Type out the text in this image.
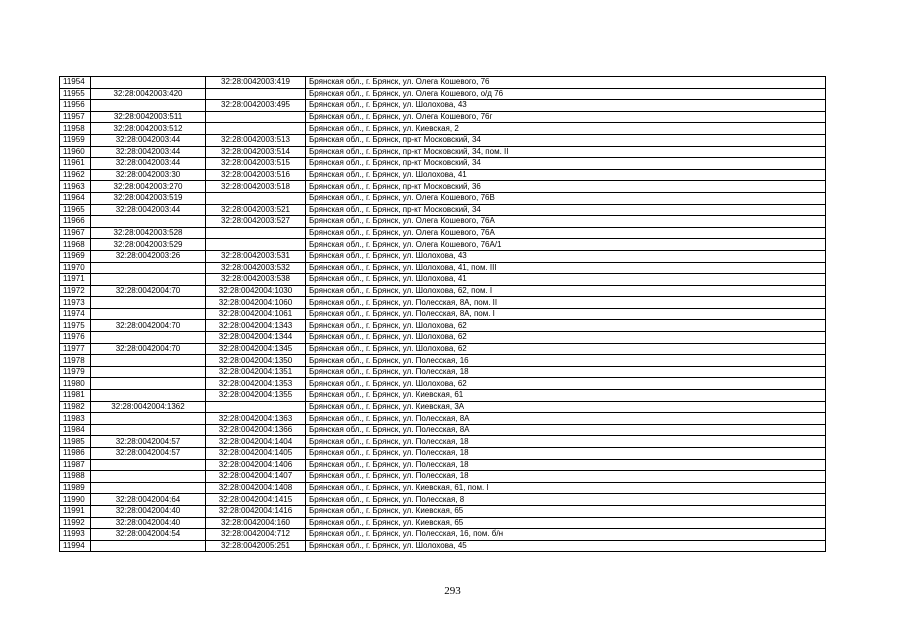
11954		32:28:0042003:419	Брянская обл., г. Брянск, ул. Олега Кошевого, 76
11955	32:28:0042003:420		Брянская обл., г. Брянск, ул. Олега Кошевого, о/д 76
11956		32:28:0042003:495	Брянская обл., г. Брянск, ул. Шолохова, 43
11957	32:28:0042003:511		Брянская обл., г. Брянск, ул. Олега Кошевого, 76г
11958	32:28:0042003:512		Брянская обл., г. Брянск, ул. Киевская, 2
11959	32:28:0042003:44	32:28:0042003:513	Брянская обл., г. Брянск, пр-кт Московский, 34
11960	32:28:0042003:44	32:28:0042003:514	Брянская обл., г. Брянск, пр-кт Московский, 34, пом. II
11961	32:28:0042003:44	32:28:0042003:515	Брянская обл., г. Брянск, пр-кт Московский, 34
11962	32:28:0042003:30	32:28:0042003:516	Брянская обл., г. Брянск, ул. Шолохова, 41
11963	32:28:0042003:270	32:28:0042003:518	Брянская обл., г. Брянск, пр-кт Московский, 36
11964	32:28:0042003:519		Брянская обл., г. Брянск, ул. Олега Кошевого, 76В
11965	32:28:0042003:44	32:28:0042003:521	Брянская обл., г. Брянск, пр-кт Московский, 34
11966		32:28:0042003:527	Брянская обл., г. Брянск, ул. Олега Кошевого, 76А
11967	32:28:0042003:528		Брянская обл., г. Брянск, ул. Олега Кошевого, 76А
11968	32:28:0042003:529		Брянская обл., г. Брянск, ул. Олега Кошевого, 76А/1
11969	32:28:0042003:26	32:28:0042003:531	Брянская обл., г. Брянск, ул. Шолохова, 43
11970		32:28:0042003:532	Брянская обл., г. Брянск, ул. Шолохова, 41, пом. III
11971		32:28:0042003:538	Брянская обл., г. Брянск, ул. Шолохова, 41
11972	32:28:0042004:70	32:28:0042004:1030	Брянская обл., г. Брянск, ул. Шолохова, 62, пом. I
11973		32:28:0042004:1060	Брянская обл., г. Брянск, ул. Полесская, 8А, пом. II
11974		32:28:0042004:1061	Брянская обл., г. Брянск, ул. Полесская, 8А, пом. I
11975	32:28:0042004:70	32:28:0042004:1343	Брянская обл., г. Брянск, ул. Шолохова, 62
11976		32:28:0042004:1344	Брянская обл., г. Брянск, ул. Шолохова, 62
11977	32:28:0042004:70	32:28:0042004:1345	Брянская обл., г. Брянск, ул. Шолохова, 62
11978		32:28:0042004:1350	Брянская обл., г. Брянск, ул. Полесская, 16
11979		32:28:0042004:1351	Брянская обл., г. Брянск, ул. Полесская, 18
11980		32:28:0042004:1353	Брянская обл., г. Брянск, ул. Шолохова, 62
11981		32:28:0042004:1355	Брянская обл., г. Брянск, ул. Киевская, 61
11982	32:28:0042004:1362		Брянская обл., г. Брянск, ул. Киевская, 3А
11983		32:28:0042004:1363	Брянская обл., г. Брянск, ул. Полесская, 8А
11984		32:28:0042004:1366	Брянская обл., г. Брянск, ул. Полесская, 8А
11985	32:28:0042004:57	32:28:0042004:1404	Брянская обл., г. Брянск, ул. Полесская, 18
11986	32:28:0042004:57	32:28:0042004:1405	Брянская обл., г. Брянск, ул. Полесская, 18
11987		32:28:0042004:1406	Брянская обл., г. Брянск, ул. Полесская, 18
11988		32:28:0042004:1407	Брянская обл., г. Брянск, ул. Полесская, 18
11989		32:28:0042004:1408	Брянская обл., г. Брянск, ул. Киевская, 61, пом. I
11990	32:28:0042004:64	32:28:0042004:1415	Брянская обл., г. Брянск, ул. Полесская, 8
11991	32:28:0042004:40	32:28:0042004:1416	Брянская обл., г. Брянск, ул. Киевская, 65
11992	32:28:0042004:40	32:28:0042004:160	Брянская обл., г. Брянск, ул. Киевская, 65
11993	32:28:0042004:54	32:28:0042004:712	Брянская обл., г. Брянск, ул. Полесская, 16, пом. б/н
11994		32:28:0042005:251	Брянская обл., г. Брянск, ул. Шолохова, 45
293
